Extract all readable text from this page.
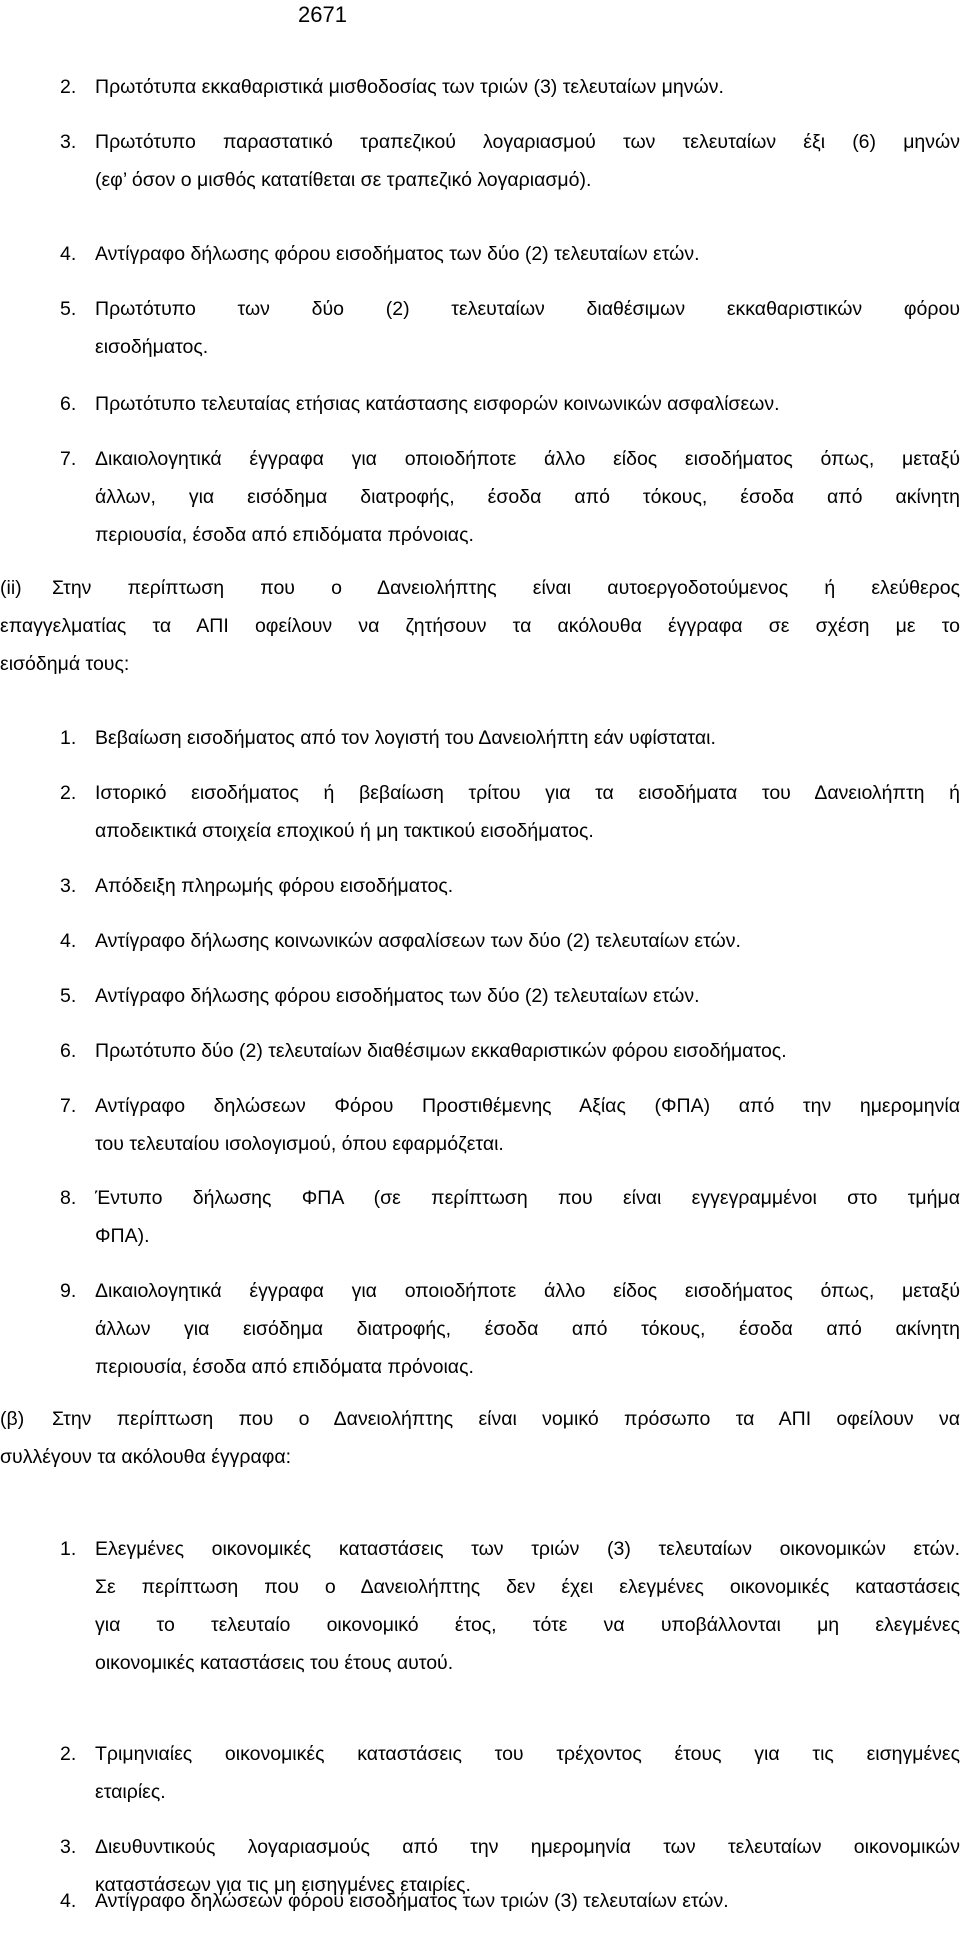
2671
2. Πρωτότυπα εκκαθαριστικά μισθοδοσίας των τριών (3) τελευταίων μηνών.
3. Πρωτότυπο παραστατικό τραπεζικού λογαριασμού των τελευταίων έξι (6) μηνών
(εφ’ όσον ο μισθός κατατίθεται σε τραπεζικό λογαριασμό).
4. Αντίγραφο δήλωσης φόρου εισοδήματος των δύο (2) τελευταίων ετών.
5. Πρωτότυπο των δύο (2) τελευταίων διαθέσιμων εκκαθαριστικών φόρου
εισοδήματος.
6. Πρωτότυπο τελευταίας ετήσιας κατάστασης εισφορών κοινωνικών ασφαλίσεων.
7. Δικαιολογητικά έγγραφα για οποιοδήποτε άλλο είδος εισοδήματος όπως, μεταξύ
άλλων, για εισόδημα διατροφής, έσοδα από τόκους, έσοδα από ακίνητη
περιουσία, έσοδα από επιδόματα πρόνοιας.
(ii) Στην περίπτωση που ο Δανειολήπτης είναι αυτοεργοδοτούμενος ή ελεύθερος
επαγγελματίας τα ΑΠΙ οφείλουν να ζητήσουν τα ακόλουθα έγγραφα σε σχέση με το
εισόδημά τους:
1. Βεβαίωση εισοδήματος από τον λογιστή του Δανειολήπτη εάν υφίσταται.
2. Ιστορικό εισοδήματος ή βεβαίωση τρίτου για τα εισοδήματα του Δανειολήπτη ή
αποδεικτικά στοιχεία εποχικού ή μη τακτικού εισοδήματος.
3. Απόδειξη πληρωμής φόρου εισοδήματος.
4. Αντίγραφο δήλωσης κοινωνικών ασφαλίσεων των δύο (2) τελευταίων ετών.
5. Αντίγραφο δήλωσης φόρου εισοδήματος των δύο (2) τελευταίων ετών.
6. Πρωτότυπο δύο (2) τελευταίων διαθέσιμων εκκαθαριστικών φόρου εισοδήματος.
7. Αντίγραφο δηλώσεων Φόρου Προστιθέμενης Αξίας (ΦΠΑ) από την ημερομηνία
του τελευταίου ισολογισμού, όπου εφαρμόζεται.
8. Έντυπο δήλωσης ΦΠΑ (σε περίπτωση που είναι εγγεγραμμένοι στο τμήμα
ΦΠΑ).
9. Δικαιολογητικά έγγραφα για οποιοδήποτε άλλο είδος εισοδήματος όπως, μεταξύ
άλλων για εισόδημα διατροφής, έσοδα από τόκους, έσοδα από ακίνητη
περιουσία, έσοδα από επιδόματα πρόνοιας.
(β) Στην περίπτωση που ο Δανειολήπτης είναι νομικό πρόσωπο τα ΑΠΙ οφείλουν να
συλλέγουν τα ακόλουθα έγγραφα:
1. Ελεγμένες οικονομικές καταστάσεις των τριών (3) τελευταίων οικονομικών ετών.
Σε περίπτωση που ο Δανειολήπτης δεν έχει ελεγμένες οικονομικές καταστάσεις
για το τελευταίο οικονομικό έτος, τότε να υποβάλλονται μη ελεγμένες
οικονομικές καταστάσεις του έτους αυτού.
2. Τριμηνιαίες οικονομικές καταστάσεις του τρέχοντος έτους για τις εισηγμένες
εταιρίες.
3. Διευθυντικούς λογαριασμούς από την ημερομηνία των τελευταίων οικονομικών
καταστάσεων για τις μη εισηγμένες εταιρίες.
4. Αντίγραφο δηλώσεων φόρου εισοδήματος των τριών (3) τελευταίων ετών.
